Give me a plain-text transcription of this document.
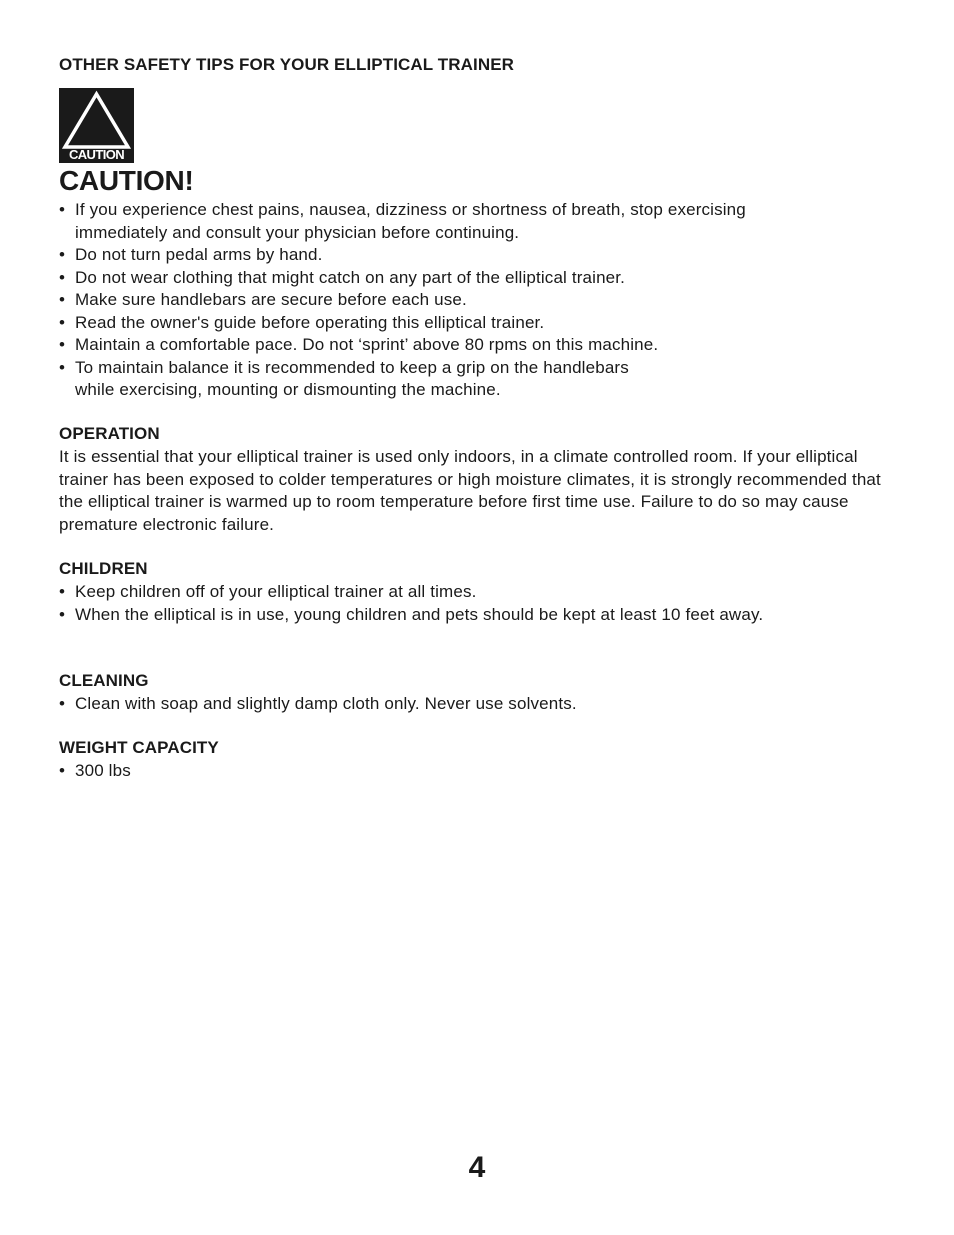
OTHER SAFETY TIPS FOR YOUR ELLIPTICAL TRAINER
CAUTION
CAUTION!
• If you experience chest pains, nausea, dizziness or shortness of breath, stop exercising immediately and consult your physician before continuing.
• Do not turn pedal arms by hand.
• Do not wear clothing that might catch on any part of the elliptical trainer.
• Make sure handlebars are secure before each use.
• Read the owner's guide before operating this elliptical trainer.
• Maintain a comfortable pace. Do not ‘sprint’ above 80 rpms on this machine.
• To maintain balance it is recommended to keep a grip on the handlebars while exercising, mounting or dismounting the machine.
OPERATION

It is essential that your elliptical trainer is used only indoors, in a climate controlled room. If your elliptical trainer has been exposed to colder temperatures or high moisture climates, it is strongly recommended that the elliptical trainer is warmed up to room temperature before first time use. Failure to do so may cause premature electronic failure.

CHILDREN
• Keep children off of your elliptical trainer at all times.
• When the elliptical is in use, young children and pets should be kept at least 10 feet away.
CLEANING
• Clean with soap and slightly damp cloth only. Never use solvents.
WEIGHT CAPACITY
• 300 lbs
4
